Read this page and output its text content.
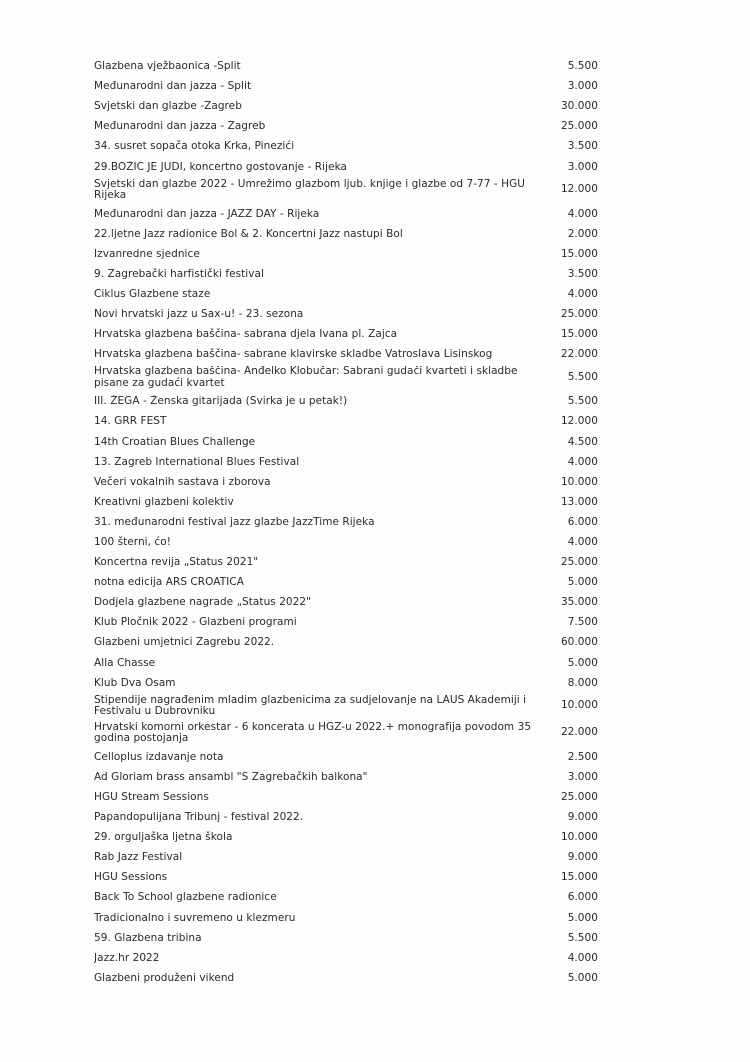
Glazbena vježbaonica -Split	5.500
Međunarodni dan jazza - Split	3.000
Svjetski dan glazbe -Zagreb	30.000
Međunarodni dan jazza - Zagreb	25.000
34. susret sopača otoka Krka, Pinezići	3.500
29.BOŽIĆ JE JUDI, koncertno gostovanje - Rijeka	3.000
Svjetski dan glazbe 2022 - Umrežimo glazbom ljub. knjige i glazbe od 7-77 - HGU Rijeka	12.000
Međunarodni dan jazza - JAZZ DAY - Rijeka	4.000
22.ljetne Jazz radionice Bol & 2. Koncertni Jazz nastupi Bol	2.000
Izvanredne sjednice	15.000
9. Zagrebački harfistički festival	3.500
Ciklus Glazbene staze	4.000
Novi hrvatski jazz u Sax-u! - 23. sezona	25.000
Hrvatska glazbena baščina- sabrana djela Ivana pl. Zajca	15.000
Hrvatska glazbena baščina- sabrane klavirske skladbe Vatroslava Lisinskog	22.000
Hrvatska glazbena baščina- Anđelko Klobučar: Sabrani gudači kvarteti i skladbe pisane za gudaći kvartet	5.500
III. ŽEGA - Ženska gitarijada (Svirka je u petak!)	5.500
14. GRR FEST	12.000
14th Croatian Blues Challenge	4.500
13. Zagreb International Blues Festival	4.000
Večeri vokalnih sastava i zborova	10.000
Kreativni glazbeni kolektiv	13.000
31. međunarodni festival jazz glazbe JazzTime Rijeka	6.000
100 šterni, ćo!	4.000
Koncertna revija „Status 2021"	25.000
notna edicija ARS CROATICA	5.000
Dodjela glazbene nagrade „Status 2022"	35.000
Klub Pločnik 2022 - Glazbeni programi	7.500
Glazbeni umjetnici Zagrebu 2022.	60.000
Alla Chasse	5.000
Klub Dva Osam	8.000
Stipendije nagrađenim mladim glazbenicima za sudjelovanje na LAUS Akademiji i Festivalu u Dubrovniku	10.000
Hrvatski komorni orkestar - 6 koncerata u HGZ-u 2022.+ monografija povodom 35 godina postojanja	22.000
Celloplus izdavanje nota	2.500
Ad Gloriam brass ansambl "S Zagrebačkih balkona"	3.000
HGU Stream Sessions	25.000
Papandopulijana Tribunj - festival 2022.	9.000
29. orguljaška ljetna škola	10.000
Rab Jazz Festival	9.000
HGU Sessions	15.000
Back To School glazbene radionice	6.000
Tradicionalno i suvremeno u klezmeru	5.000
59. Glazbena tribina	5.500
Jazz.hr 2022	4.000
Glazbeni produženi vikend	5.000
